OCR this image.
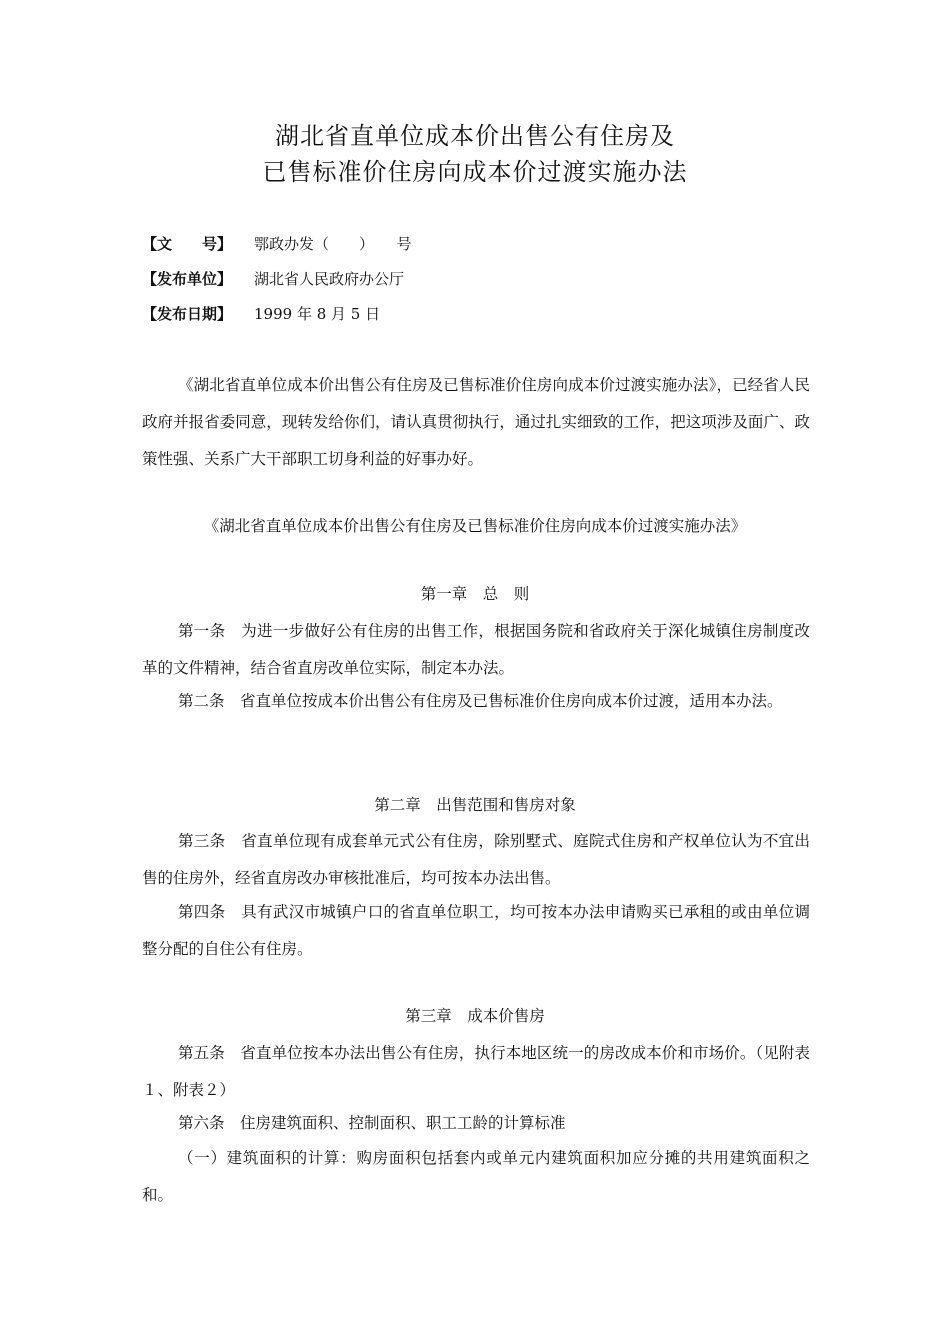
湖北省直单位成本价出售公有住房及
已售标准价住房向成本价过渡实施办法
【文　　号】 鄂政办发（　　）　　号
【发布单位】 湖北省人民政府办公厅
【发布日期】 1999 年 8 月 5 日

《湖北省直单位成本价出售公有住房及已售标准价住房向成本价过渡实施办法》，已经省人民政府并报省委同意，现转发给你们，请认真贯彻执行，通过扎实细致的工作，把这项涉及面广、政策性强、关系广大干部职工切身利益的好事办好。

《湖北省直单位成本价出售公有住房及已售标准价住房向成本价过渡实施办法》
第一章　总　则

第一条　为进一步做好公有住房的出售工作，根据国务院和省政府关于深化城镇住房制度改革的文件精神，结合省直房改单位实际，制定本办法。

第二条　省直单位按成本价出售公有住房及已售标准价住房向成本价过渡，适用本办法。

第二章　出售范围和售房对象

第三条　省直单位现有成套单元式公有住房，除别墅式、庭院式住房和产权单位认为不宜出售的住房外，经省直房改办审核批准后，均可按本办法出售。

第四条　具有武汉市城镇户口的省直单位职工，均可按本办法申请购买已承租的或由单位调整分配的自住公有住房。

第三章　成本价售房

第五条　省直单位按本办法出售公有住房，执行本地区统一的房改成本价和市场价。（见附表１、附表２）

第六条　住房建筑面积、控制面积、职工工龄的计算标准

（一）建筑面积的计算：购房面积包括套内或单元内建筑面积加应分摊的共用建筑面积之和。
